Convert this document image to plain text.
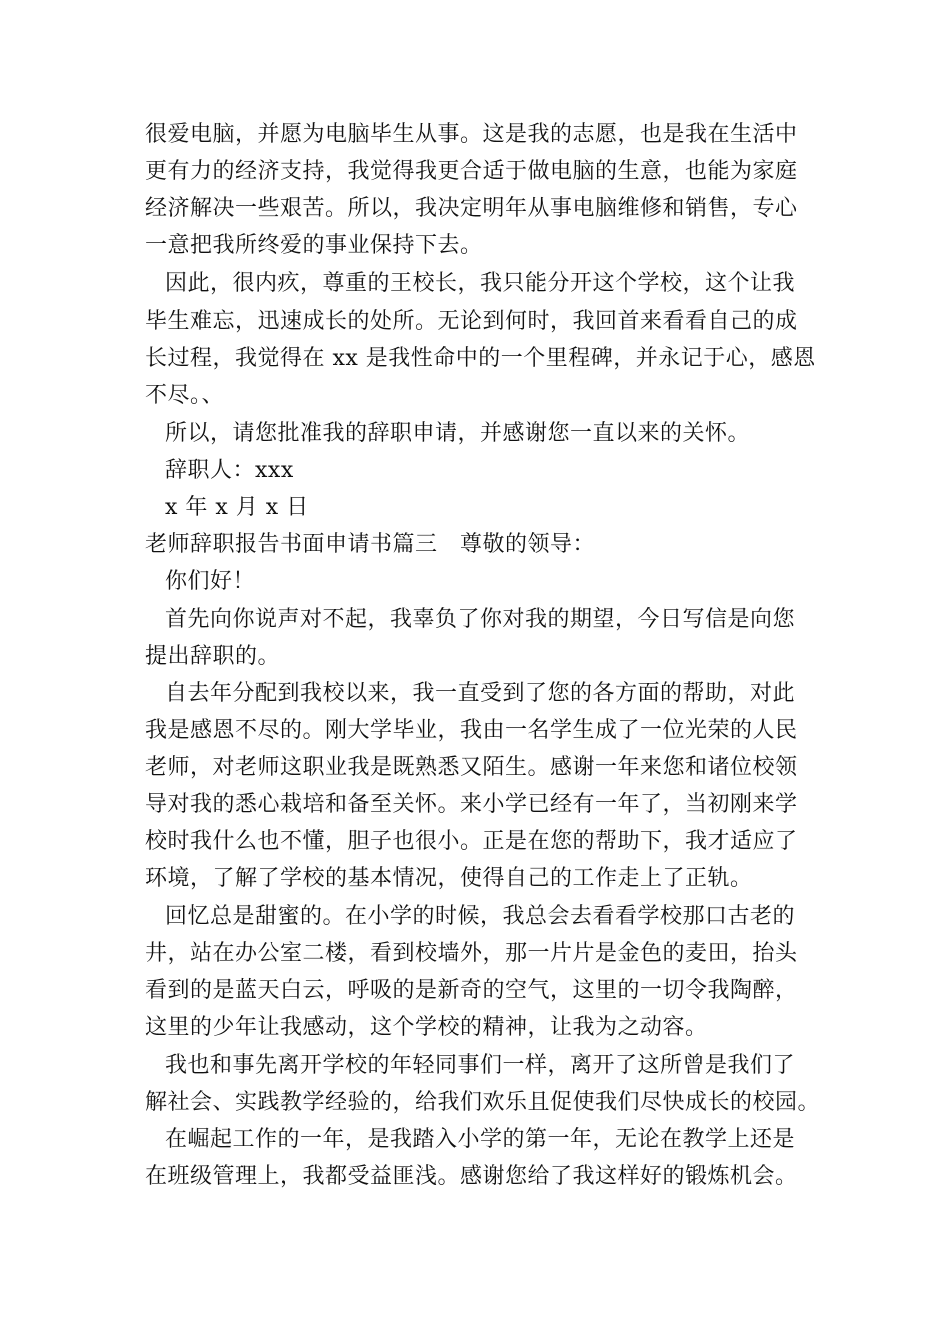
很爱电脑，并愿为电脑毕生从事。这是我的志愿，也是我在生活中
更有力的经济支持，我觉得我更合适于做电脑的生意，也能为家庭
经济解决一些艰苦。所以，我决定明年从事电脑维修和销售，专心
一意把我所终爱的事业保持下去。
因此，很内疚，尊重的王校长，我只能分开这个学校，这个让我
毕生难忘，迅速成长的处所。无论到何时，我回首来看看自己的成
长过程，我觉得在 xx 是我性命中的一个里程碑，并永记于心，感恩
不尽。、
所以，请您批准我的辞职申请，并感谢您一直以来的关怀。
辞职人：xxx
x 年 x 月 x 日
老师辞职报告书面申请书篇三　尊敬的领导：
你们好！
首先向你说声对不起，我辜负了你对我的期望，今日写信是向您
提出辞职的。
自去年分配到我校以来，我一直受到了您的各方面的帮助，对此
我是感恩不尽的。刚大学毕业，我由一名学生成了一位光荣的人民
老师，对老师这职业我是既熟悉又陌生。感谢一年来您和诸位校领
导对我的悉心栽培和备至关怀。来小学已经有一年了，当初刚来学
校时我什么也不懂，胆子也很小。正是在您的帮助下，我才适应了
环境，了解了学校的基本情况，使得自己的工作走上了正轨。
回忆总是甜蜜的。在小学的时候，我总会去看看学校那口古老的
井，站在办公室二楼，看到校墙外，那一片片是金色的麦田，抬头
看到的是蓝天白云，呼吸的是新奇的空气，这里的一切令我陶醉，
这里的少年让我感动，这个学校的精神，让我为之动容。
我也和事先离开学校的年轻同事们一样，离开了这所曾是我们了
解社会、实践教学经验的，给我们欢乐且促使我们尽快成长的校园。
在崛起工作的一年，是我踏入小学的第一年，无论在教学上还是
在班级管理上，我都受益匪浅。感谢您给了我这样好的锻炼机会。
